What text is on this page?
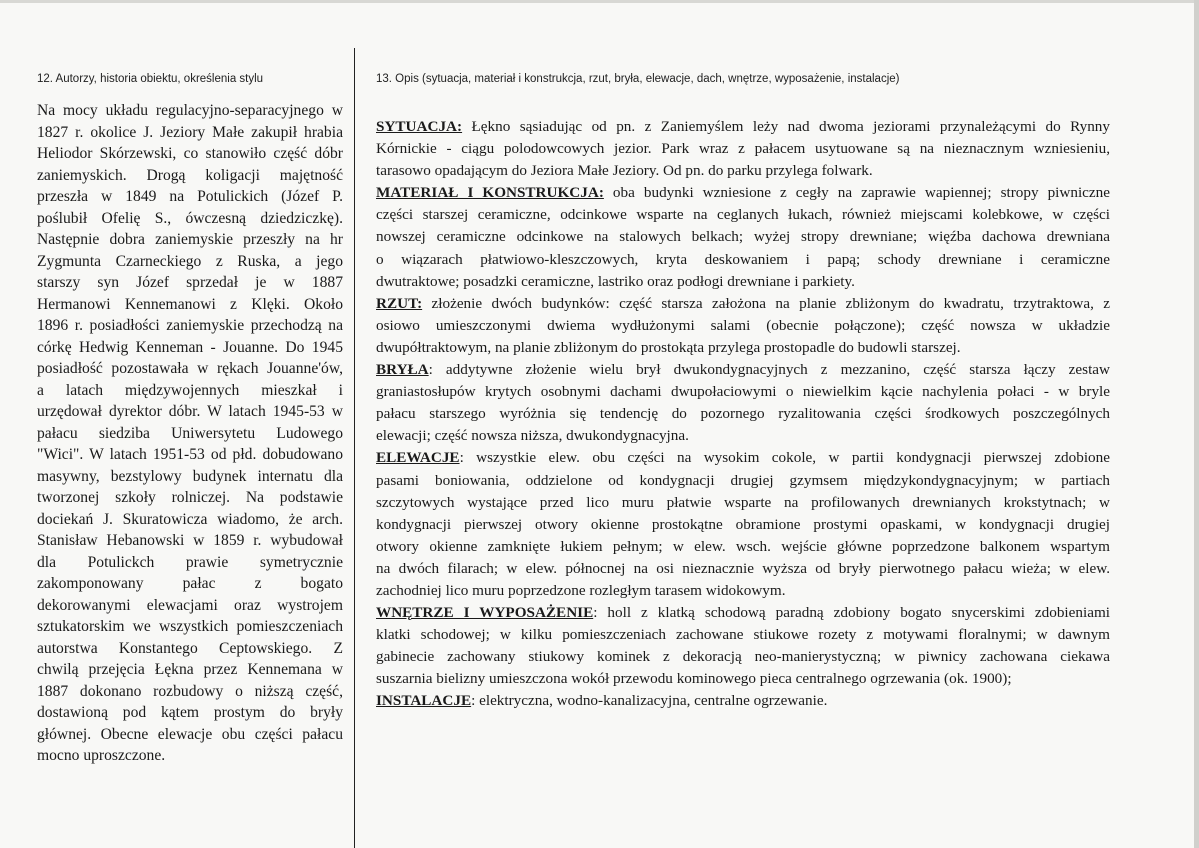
12. Autorzy, historia obiektu, określenia stylu	13. Opis (sytuacja, materiał i konstrukcja, rzut, bryła, elewacje, dach, wnętrze, wyposażenie, instalacje)
Na mocy układu regulacyjno-separacyjnego w
1827 r. okolice J. Jeziory Małe zakupił hrabia
Heliodor Skórzewski, co stanowiło część dóbr
zaniemyskich. Drogą koligacji majętność
przeszła w 1849 na Potulickich (Józef P.
poślubił Ofelię S., ówczesną dziedziczkę).
Następnie dobra zaniemyskie przeszły na hr
Zygmunta Czarneckiego z Ruska, a jego
starszy syn Józef sprzedał je w 1887
Hermanowi Kennemanowi z Klęki. Około
1896 r. posiadłości zaniemyskie przechodzą na
córkę Hedwig Kenneman - Jouanne. Do 1945
posiadłość pozostawała w rękach Jouanne'ów,
a latach międzywojennych mieszkał i
urzędował dyrektor dóbr. W latach 1945-53 w
pałacu siedziba Uniwersytetu Ludowego
"Wici". W latach 1951-53 od płd. dobudowano
masywny, bezstylowy budynek internatu dla
tworzonej szkoły rolniczej. Na podstawie
dociekań J. Skuratowicza wiadomo, że arch.
Stanisław Hebanowski w 1859 r. wybudował
dla Potulickch prawie symetrycznie
zakomponowany pałac z bogato
dekorowanymi elewacjami oraz wystrojem
sztukatorskim we wszystkich pomieszczeniach
autorstwa Konstantego Ceptowskiego. Z
chwilą przejęcia Łękna przez Kennemana w
1887 dokonano rozbudowy o niższą część,
dostawioną pod kątem prostym do bryły
głównej. Obecne elewacje obu części pałacu
mocno uproszczone.
SYTUACJA: Łękno sąsiadując od pn. z Zaniemyślem leży nad dwoma jeziorami przynależącymi do Rynny
Kórnickie - ciągu polodowcowych jezior. Park wraz z pałacem usytuowane są na nieznacznym wzniesieniu,
tarasowo opadającym do Jeziora Małe Jeziory. Od pn. do parku przylega folwark.
MATERIAŁ I KONSTRUKCJA: oba budynki wzniesione z cegły na zaprawie wapiennej; stropy piwniczne
części starszej ceramiczne, odcinkowe wsparte na ceglanych łukach, również miejscami kolebkowe, w części
nowszej ceramiczne odcinkowe na stalowych belkach; wyżej stropy drewniane; więźba dachowa drewniana
o wiązarach płatwiowo-kleszczowych, kryta deskowaniem i papą; schody drewniane i ceramiczne
dwutraktowe; posadzki ceramiczne, lastriko oraz podłogi drewniane i parkiety.
RZUT: złożenie dwóch budynków: część starsza założona na planie zbliżonym do kwadratu, trzytraktowa, z
osiowo umieszczonymi dwiema wydłużonymi salami (obecnie połączone); część nowsza w układzie
dwupółtraktowym, na planie zbliżonym do prostokąta przylega prostopadle do budowli starszej.
BRYŁA: addytywne złożenie wielu brył dwukondygnacyjnych z mezzanino, część starsza łączy zestaw
graniastosłupów krytych osobnymi dachami dwupołaciowymi o niewielkim kącie nachylenia połaci - w bryle
pałacu starszego wyróżnia się tendencję do pozornego ryzalitowania części środkowych poszczególnych
elewacji; część nowsza niższa, dwukondygnacyjna.
ELEWACJE: wszystkie elew. obu części na wysokim cokole, w partii kondygnacji pierwszej zdobione
pasami boniowania, oddzielone od kondygnacji drugiej gzymsem międzykondygnacyjnym; w partiach
szczytowych wystające przed lico muru płatwie wsparte na profilowanych drewnianych krokstytnach; w
kondygnacji pierwszej otwory okienne prostokątne obramione prostymi opaskami, w kondygnacji drugiej
otwory okienne zamknięte łukiem pełnym; w elew. wsch. wejście główne poprzedzone balkonem wspartym
na dwóch filarach; w elew. północnej na osi nieznacznie wyższa od bryły pierwotnego pałacu wieża; w elew.
zachodniej lico muru poprzedzone rozległym tarasem widokowym.
WNĘTRZE I WYPOSAŻENIE: holl z klatką schodową paradną zdobiony bogato snycerskimi zdobieniami
klatki schodowej; w kilku pomieszczeniach zachowane stiukowe rozety z motywami floralnymi; w dawnym
gabinecie zachowany stiukowy kominek z dekoracją neo-manierystyczną; w piwnicy zachowana ciekawa
suszarnia bielizny umieszczona wokół przewodu kominowego pieca centralnego ogrzewania (ok. 1900);
INSTALACJE: elektryczna, wodno-kanalizacyjna, centralne ogrzewanie.
